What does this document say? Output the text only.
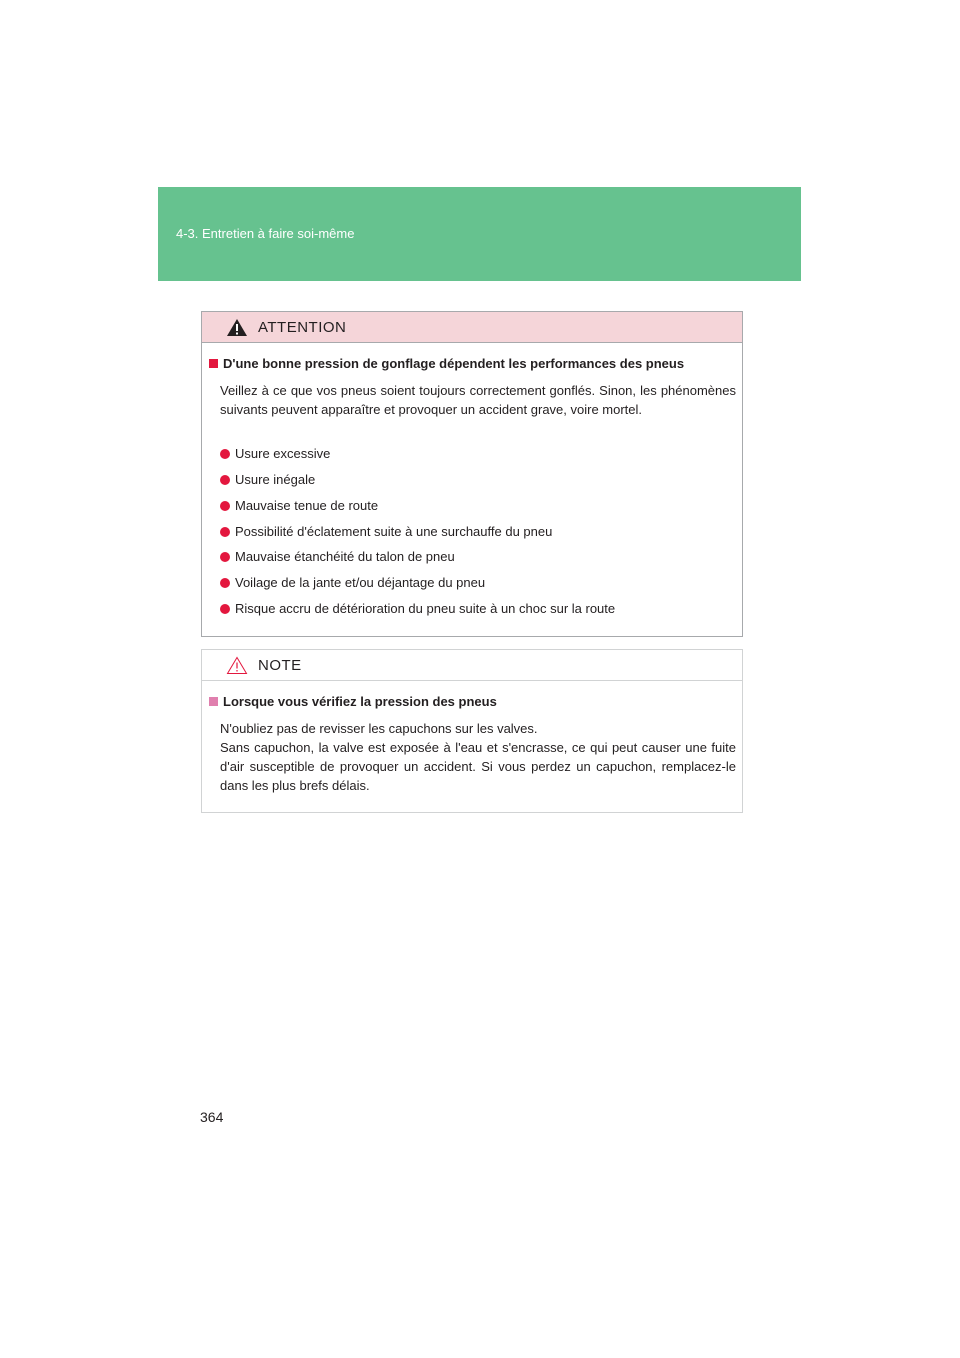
4-3. Entretien à faire soi-même
ATTENTION
D'une bonne pression de gonflage dépendent les performances des pneus
Veillez à ce que vos pneus soient toujours correctement gonflés. Sinon, les phénomènes suivants peuvent apparaître et provoquer un accident grave, voire mortel.
Usure excessive
Usure inégale
Mauvaise tenue de route
Possibilité d'éclatement suite à une surchauffe du pneu
Mauvaise étanchéité du talon de pneu
Voilage de la jante et/ou déjantage du pneu
Risque accru de détérioration du pneu suite à un choc sur la route
NOTE
Lorsque vous vérifiez la pression des pneus
N'oubliez pas de revisser les capuchons sur les valves.
Sans capuchon, la valve est exposée à l'eau et s'encrasse, ce qui peut causer une fuite d'air susceptible de provoquer un accident. Si vous perdez un capuchon, remplacez-le dans les plus brefs délais.
364
